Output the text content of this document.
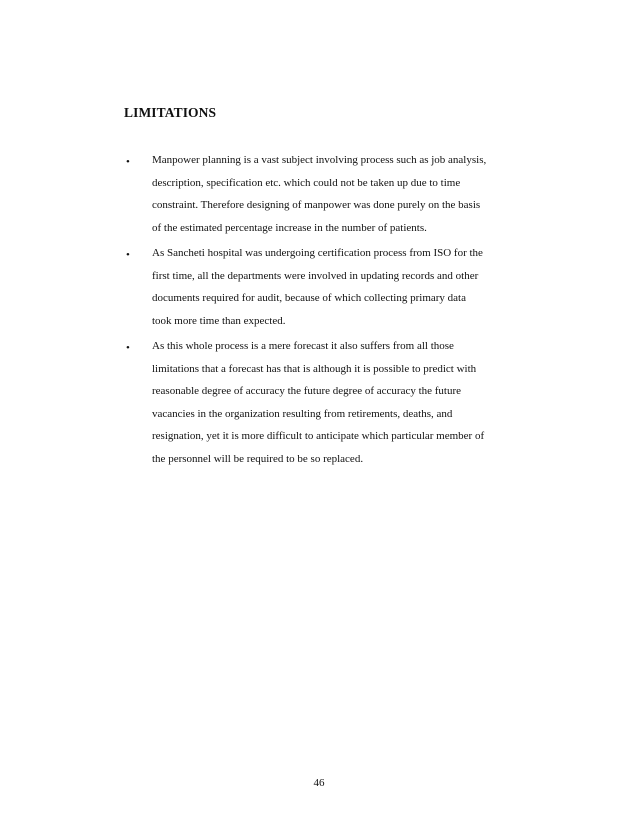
LIMITATIONS
• Manpower planning is a vast subject involving process such as job analysis,
description, specification etc. which could not be taken up due to time
constraint. Therefore designing of manpower was done purely on the basis
of the estimated percentage increase in the number of patients.
• As Sancheti hospital was undergoing certification process from ISO for the
first time, all the departments were involved in updating records and other
documents required for audit, because of which collecting primary data
took more time than expected.
• As this whole process is a mere forecast it also suffers from all those
limitations that a forecast has that is although it is possible to predict with
reasonable degree of accuracy the future degree of accuracy the future
vacancies in the organization resulting from retirements, deaths, and
resignation, yet it is more difficult to anticipate which particular member of
the personnel will be required to be so replaced.
46
